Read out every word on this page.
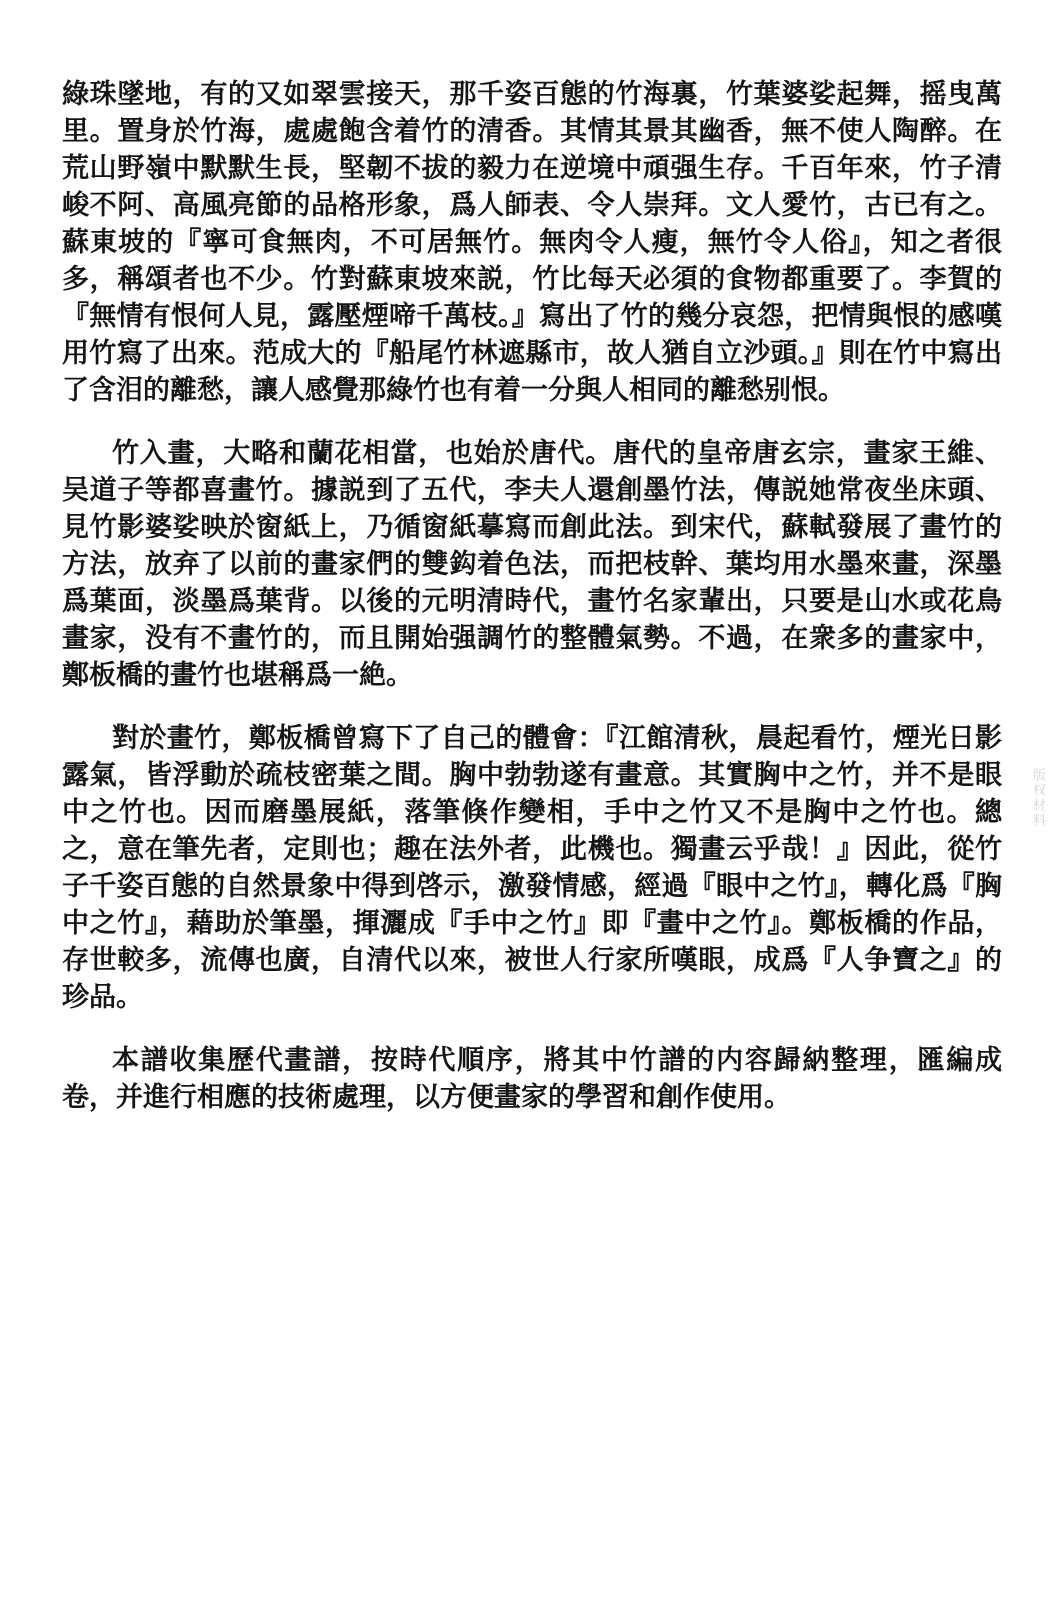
綠珠墜地，有的又如翠雲接天，那千姿百態的竹海裏，竹葉婆娑起舞，摇曳萬里。置身於竹海，處處飽含着竹的清香。其情其景其幽香，無不使人陶醉。在荒山野嶺中默默生長，堅韌不拔的毅力在逆境中頑强生存。千百年來，竹子清峻不阿、高風亮節的品格形象，爲人師表、令人崇拜。文人愛竹，古已有之。蘇東坡的『寧可食無肉，不可居無竹。無肉令人瘦，無竹令人俗』，知之者很多，稱頌者也不少。竹對蘇東坡來説，竹比每天必須的食物都重要了。李賀的『無情有恨何人見，露壓煙啼千萬枝。』寫出了竹的幾分哀怨，把情與恨的感嘆用竹寫了出來。范成大的『船尾竹林遮縣市，故人猶自立沙頭。』則在竹中寫出了含泪的離愁，讓人感覺那綠竹也有着一分與人相同的離愁别恨。

竹入畫，大略和蘭花相當，也始於唐代。唐代的皇帝唐玄宗，畫家王維、吴道子等都喜畫竹。據説到了五代，李夫人還創墨竹法，傳説她常夜坐床頭、見竹影婆娑映於窗紙上，乃循窗紙摹寫而創此法。到宋代，蘇軾發展了畫竹的方法，放弃了以前的畫家們的雙鈎着色法，而把枝幹、葉均用水墨來畫，深墨爲葉面，淡墨爲葉背。以後的元明清時代，畫竹名家輩出，只要是山水或花鳥畫家，没有不畫竹的，而且開始强調竹的整體氣勢。不過，在衆多的畫家中，鄭板橋的畫竹也堪稱爲一絶。

對於畫竹，鄭板橋曾寫下了自己的體會：『江館清秋，晨起看竹，煙光日影露氣，皆浮動於疏枝密葉之間。胸中勃勃遂有畫意。其實胸中之竹，并不是眼中之竹也。因而磨墨展紙，落筆倏作變相，手中之竹又不是胸中之竹也。總之，意在筆先者，定則也；趣在法外者，此機也。獨畫云乎哉！』因此，從竹子千姿百態的自然景象中得到啓示，激發情感，經過『眼中之竹』，轉化爲『胸中之竹』，藉助於筆墨，揮灑成『手中之竹』即『畫中之竹』。鄭板橋的作品，存世較多，流傳也廣，自清代以來，被世人行家所嘆眼，成爲『人争寶之』的珍品。

本譜收集歷代畫譜，按時代順序，將其中竹譜的内容歸納整理，匯編成卷，并進行相應的技術處理，以方便畫家的學習和創作使用。

版权材料
